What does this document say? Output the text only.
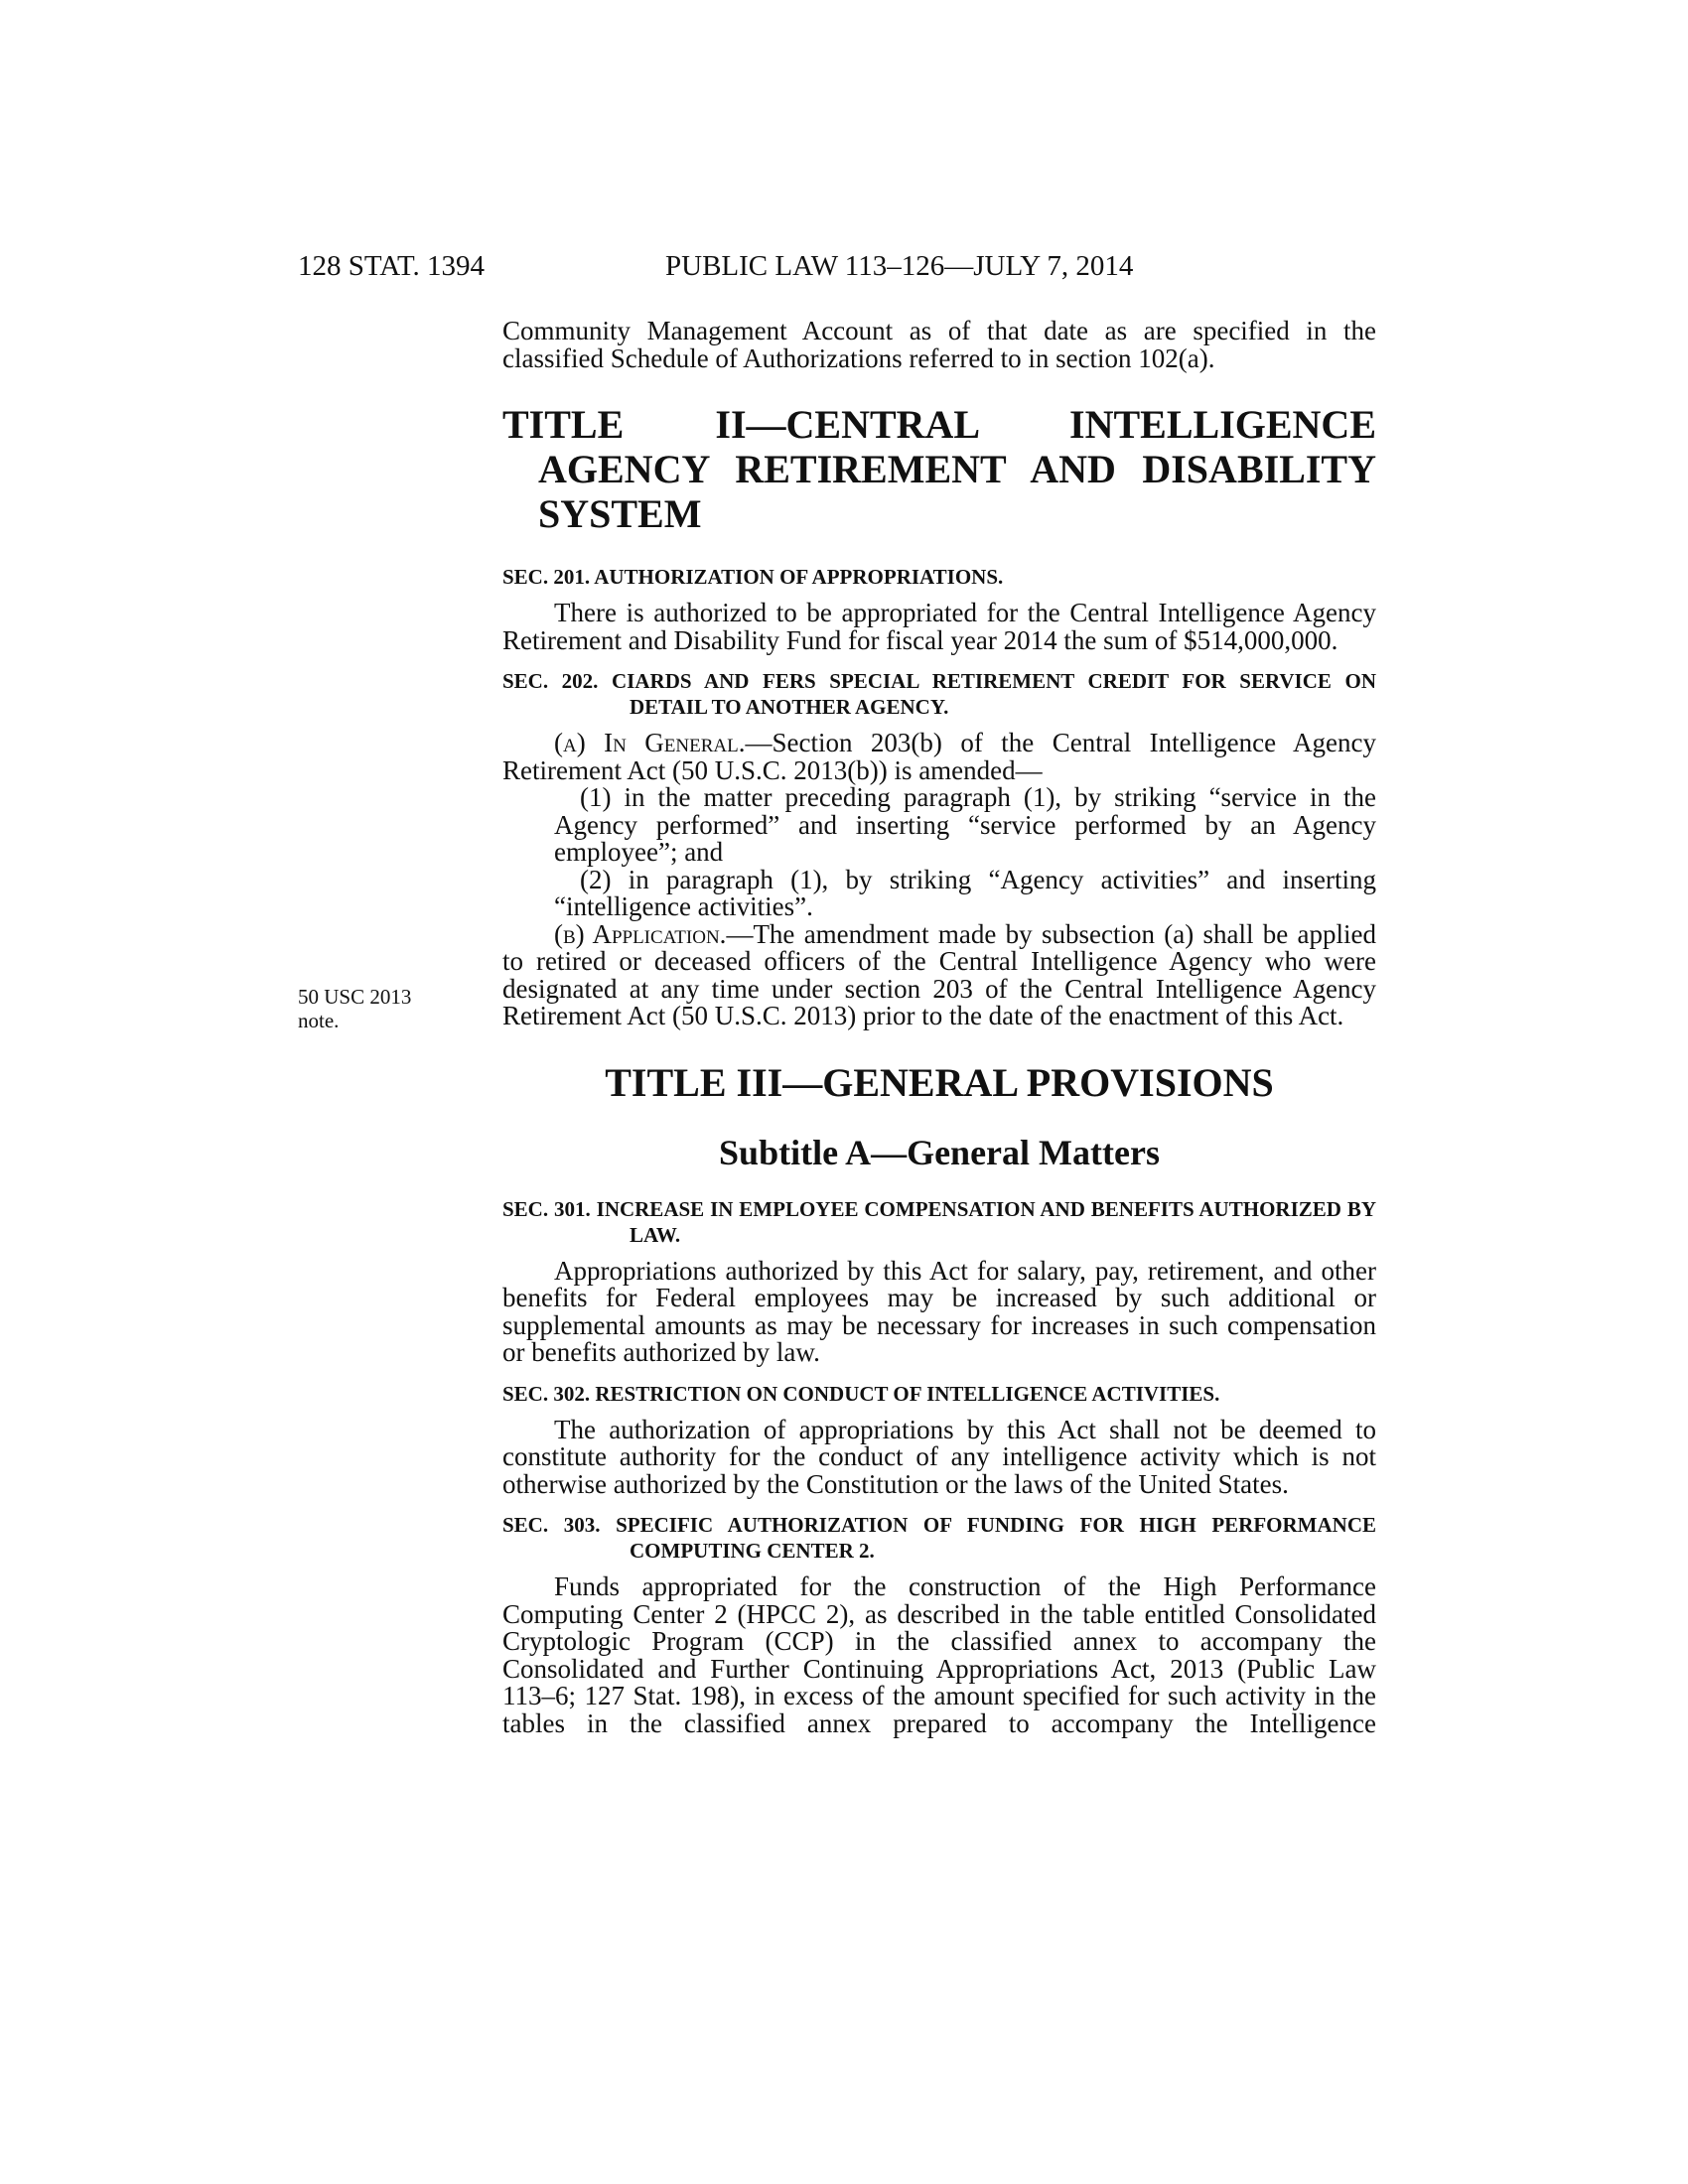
128 STAT. 1394	PUBLIC LAW 113–126—JULY 7, 2014
50 USC 2013 note.

Community Management Account as of that date as are specified in the classified Schedule of Authorizations referred to in section 102(a).

TITLE II—CENTRAL INTELLIGENCE AGENCY RETIREMENT AND DISABILITY SYSTEM
SEC. 201. AUTHORIZATION OF APPROPRIATIONS.

There is authorized to be appropriated for the Central Intelligence Agency Retirement and Disability Fund for fiscal year 2014 the sum of $514,000,000.

SEC. 202. CIARDS AND FERS SPECIAL RETIREMENT CREDIT FOR SERVICE ON DETAIL TO ANOTHER AGENCY.

(a) In General.—Section 203(b) of the Central Intelligence Agency Retirement Act (50 U.S.C. 2013(b)) is amended—

(1) in the matter preceding paragraph (1), by striking “service in the Agency performed” and inserting “service performed by an Agency employee”; and

(2) in paragraph (1), by striking “Agency activities” and inserting “intelligence activities”.

(b) Application.—The amendment made by subsection (a) shall be applied to retired or deceased officers of the Central Intelligence Agency who were designated at any time under section 203 of the Central Intelligence Agency Retirement Act (50 U.S.C. 2013) prior to the date of the enactment of this Act.

TITLE III—GENERAL PROVISIONS
Subtitle A—General Matters
SEC. 301. INCREASE IN EMPLOYEE COMPENSATION AND BENEFITS AUTHORIZED BY LAW.

Appropriations authorized by this Act for salary, pay, retirement, and other benefits for Federal employees may be increased by such additional or supplemental amounts as may be necessary for increases in such compensation or benefits authorized by law.

SEC. 302. RESTRICTION ON CONDUCT OF INTELLIGENCE ACTIVITIES.

The authorization of appropriations by this Act shall not be deemed to constitute authority for the conduct of any intelligence activity which is not otherwise authorized by the Constitution or the laws of the United States.

SEC. 303. SPECIFIC AUTHORIZATION OF FUNDING FOR HIGH PERFORMANCE COMPUTING CENTER 2.

Funds appropriated for the construction of the High Performance Computing Center 2 (HPCC 2), as described in the table entitled Consolidated Cryptologic Program (CCP) in the classified annex to accompany the Consolidated and Further Continuing Appropriations Act, 2013 (Public Law 113–6; 127 Stat. 198), in excess of the amount specified for such activity in the tables in the classified annex prepared to accompany the Intelligence
